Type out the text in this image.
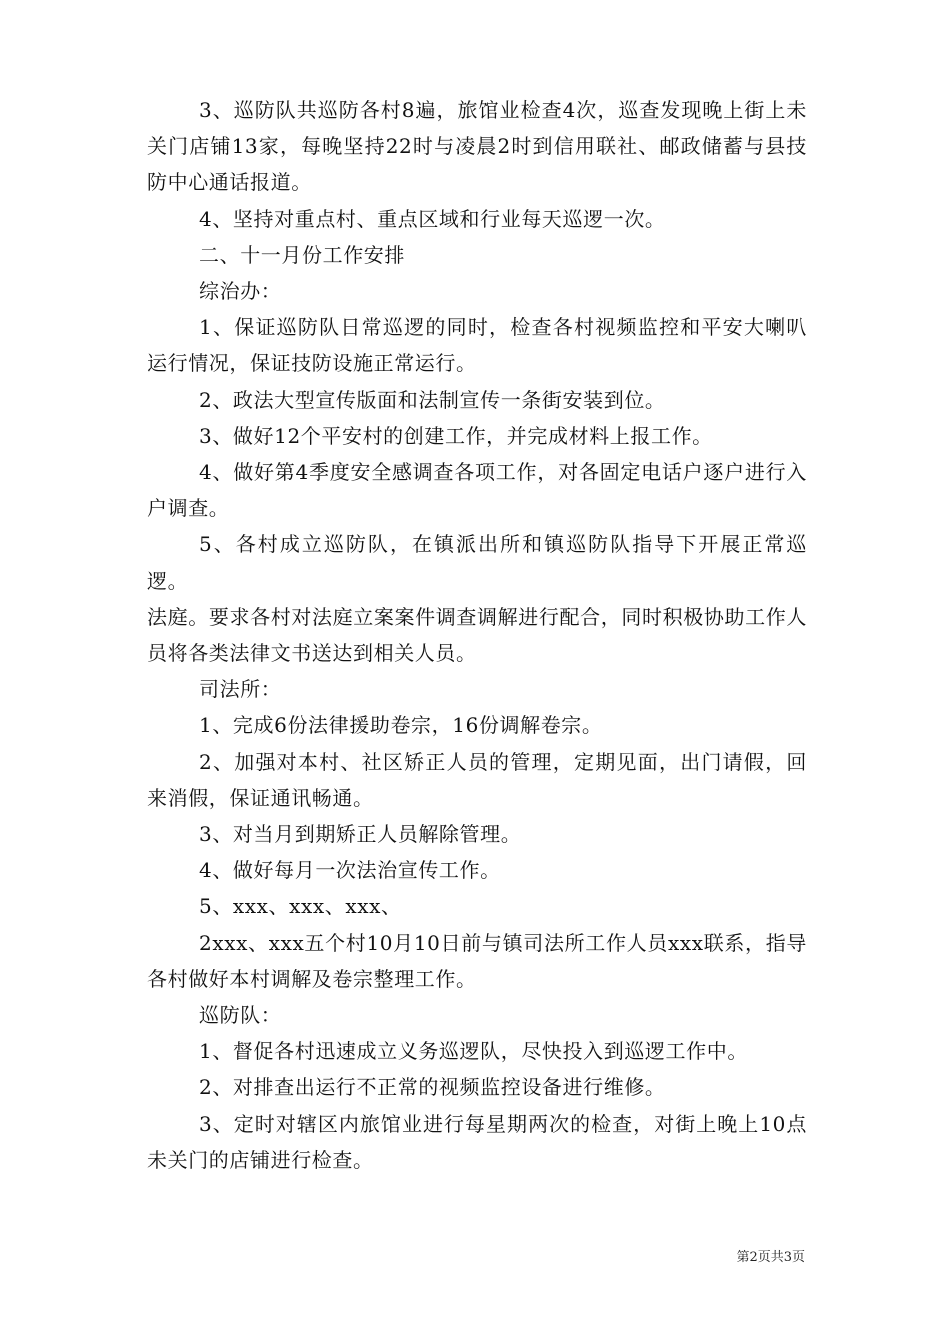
3、巡防队共巡防各村8遍，旅馆业检查4次，巡查发现晚上街上未关门店铺13家，每晚坚持22时与凌晨2时到信用联社、邮政储蓄与县技防中心通话报道。

4、坚持对重点村、重点区域和行业每天巡逻一次。

二、十一月份工作安排

综治办：

1、保证巡防队日常巡逻的同时，检查各村视频监控和平安大喇叭运行情况，保证技防设施正常运行。

2、政法大型宣传版面和法制宣传一条街安装到位。

3、做好12个平安村的创建工作，并完成材料上报工作。

4、做好第4季度安全感调查各项工作，对各固定电话户逐户进行入户调查。

5、各村成立巡防队，在镇派出所和镇巡防队指导下开展正常巡逻。

法庭。要求各村对法庭立案案件调查调解进行配合，同时积极协助工作人员将各类法律文书送达到相关人员。

司法所：

1、完成6份法律援助卷宗，16份调解卷宗。

2、加强对本村、社区矫正人员的管理，定期见面，出门请假，回来消假，保证通讯畅通。

3、对当月到期矫正人员解除管理。

4、做好每月一次法治宣传工作。

5、xxx、xxx、xxx、

2xxx、xxx五个村10月10日前与镇司法所工作人员xxx联系，指导各村做好本村调解及卷宗整理工作。

巡防队：

1、督促各村迅速成立义务巡逻队，尽快投入到巡逻工作中。

2、对排查出运行不正常的视频监控设备进行维修。

3、定时对辖区内旅馆业进行每星期两次的检查，对街上晚上10点未关门的店铺进行检查。

第2页共3页
